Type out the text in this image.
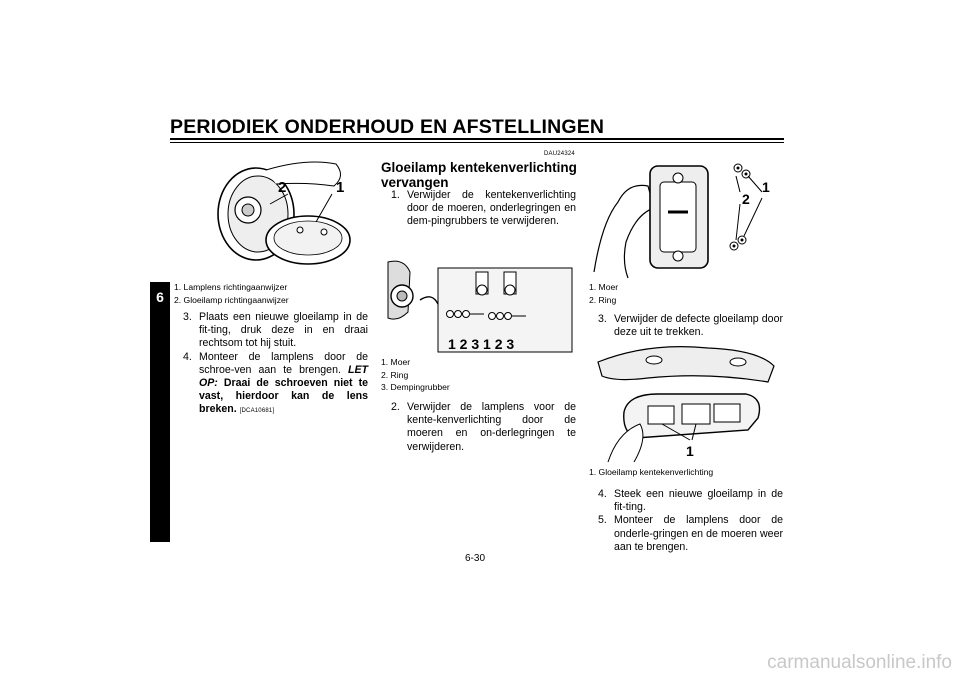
PERIODIEK ONDERHOUD EN AFSTELLINGEN
6
2	1
1. Lamplens richtingaanwijzer
2. Gloeilamp richtingaanwijzer
3. Plaats een nieuwe gloeilamp in de fit-ting, druk deze in en draai rechtsom tot hij stuit.
4. Monteer de lamplens door de schroe-ven aan te brengen. LET OP: Draai de schroeven niet te vast, hierdoor kan de lens breken. [DCA10681]
DAU24324
Gloeilamp kentekenverlichting vervangen
1. Verwijder de kentekenverlichting door de moeren, onderlegringen en dem-pingrubbers te verwijderen.
1 2 3 1 2 3
1. Moer
2. Ring
3. Dempingrubber
2. Verwijder de lamplens voor de kente-kenverlichting door de moeren en on-derlegringen te verwijderen.
2
1
1. Moer
2. Ring
3. Verwijder de defecte gloeilamp door deze uit te trekken.
1
1. Gloeilamp kentekenverlichting
4. Steek een nieuwe gloeilamp in de fit-ting.
5. Monteer de lamplens door de onderle-gringen en de moeren weer aan te brengen.
6-30
carmanualsonline.info
